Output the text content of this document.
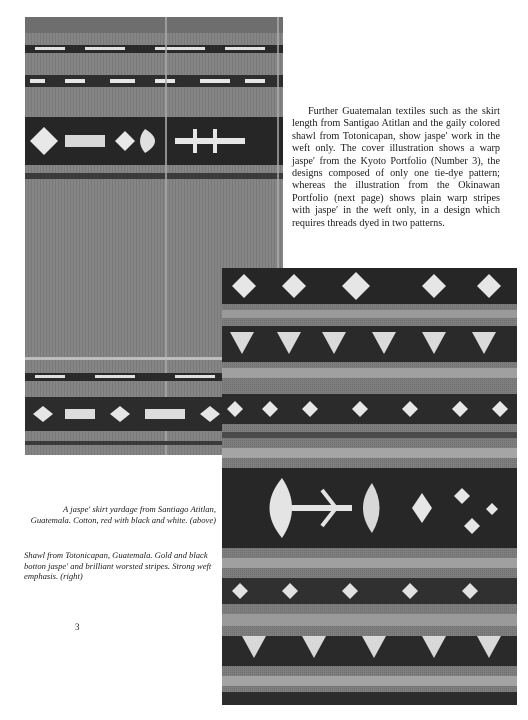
Further Guatemalan textiles such as the skirt length from Santigao Atitlan and the gaily colored shawl from Totonicapan, show jaspe′ work in the weft only. The cover illustration shows a warp jaspe′ from the Kyoto Portfolio (Number 3), the designs composed of only one tie-dye pattern; whereas the illustration from the Okinawan Portfolio (next page) shows plain warp stripes with jaspe′ in the weft only, in a design which requires threads dyed in two patterns.

A jaspe′ skirt yardage from Santiago Atitlan, Guatemala. Cotton, red with black and white. (above)

Shawl from Totonicapan, Guatemala. Gold and black botton jaspe′ and brilliant worsted stripes. Strong weft emphasis. (right)

3
